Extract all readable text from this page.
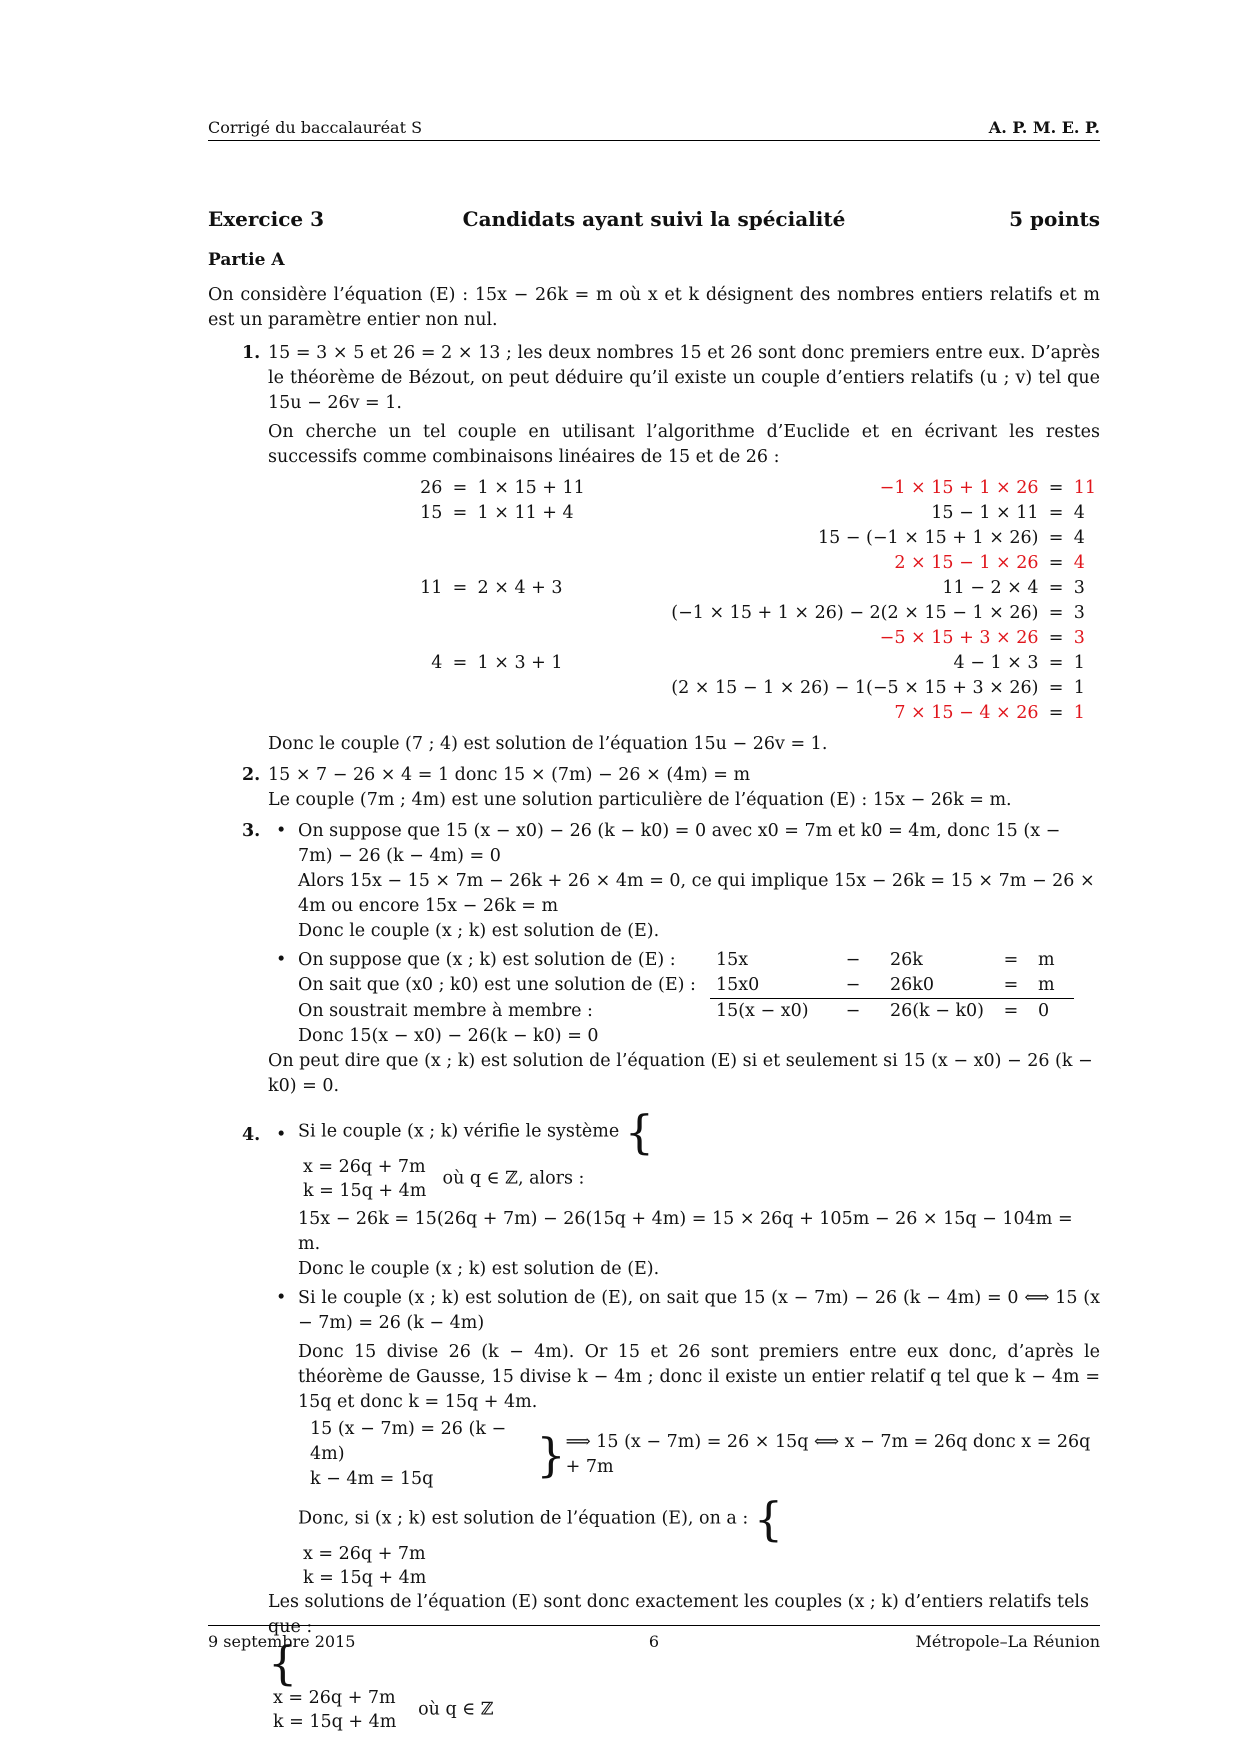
Corrigé du baccalauréat S	A. P. M. E. P.
Exercice 3	Candidats ayant suivi la spécialité	5 points

Partie A

On considère l’équation (E) : 15x − 26k = m où x et k désignent des nombres entiers relatifs et m est un paramètre entier non nul.

1. 15 = 3 × 5 et 26 = 2 × 13 ; les deux nombres 15 et 26 sont donc premiers entre eux. D’après le théorème de Bézout, on peut déduire qu’il existe un couple d’entiers relatifs (u ; v) tel que 15u − 26v = 1.

On cherche un tel couple en utilisant l’algorithme d’Euclide et en écrivant les restes successifs comme combinaisons linéaires de 15 et de 26 :

26	=	1 × 15 + 11	−1 × 15 + 1 × 26	=	11
15	=	1 × 11 + 4	15 − 1 × 11	=	4
			15 − (−1 × 15 + 1 × 26)	=	4
			2 × 15 − 1 × 26	=	4
11	=	2 × 4 + 3	11 − 2 × 4	=	3
			(−1 × 15 + 1 × 26) − 2(2 × 15 − 1 × 26)	=	3
			−5 × 15 + 3 × 26	=	3
4	=	1 × 3 + 1	4 − 1 × 3	=	1
			(2 × 15 − 1 × 26) − 1(−5 × 15 + 3 × 26)	=	1
			7 × 15 − 4 × 26	=	1

Donc le couple (7 ; 4) est solution de l’équation 15u − 26v = 1.

2. 15 × 7 − 26 × 4 = 1 donc 15 × (7m) − 26 × (4m) = m

Le couple (7m ; 4m) est une solution particulière de l’équation (E) : 15x − 26k = m.

3. • On suppose que 15 (x − x0) − 26 (k − k0) = 0 avec x0 = 7m et k0 = 4m, donc 15 (x − 7m) − 26 (k − 4m) = 0

Alors 15x − 15 × 7m − 26k + 26 × 4m = 0, ce qui implique 15x − 26k = 15 × 7m − 26 × 4m ou encore 15x − 26k = m

Donc le couple (x ; k) est solution de (E).

• On suppose que (x ; k) est solution de (E) :	15x	−	26k	=	m
On sait que (x0 ; k0) est une solution de (E) :	15x0	−	26k0	=	m
On soustrait membre à membre :	15(x − x0)	−	26(k − k0)	=	0

Donc 15(x − x0) − 26(k − k0) = 0

On peut dire que (x ; k) est solution de l’équation (E) si et seulement si 15 (x − x0) − 26 (k − k0) = 0.

4. • Si le couple (x ; k) vérifie le système {

x = 26q + 7m
k = 15q + 4m  où q ∈ ℤ, alors :

15x − 26k = 15(26q + 7m) − 26(15q + 4m) = 15 × 26q + 105m − 26 × 15q − 104m = m.

Donc le couple (x ; k) est solution de (E).

• Si le couple (x ; k) est solution de (E), on sait que 15 (x − 7m) − 26 (k − 4m) = 0 ⟺ 15 (x − 7m) = 26 (k − 4m)

Donc 15 divise 26 (k − 4m). Or 15 et 26 sont premiers entre eux donc, d’après le théorème de Gausse, 15 divise k − 4m ; donc il existe un entier relatif q tel que k − 4m = 15q et donc k = 15q + 4m.

15 (x − 7m) = 26 (k − 4m)
k − 4m = 15q	} ⟹ 15 (x − 7m) = 26 × 15q ⟺ x − 7m = 26q donc x = 26q + 7m

Donc, si (x ; k) est solution de l’équation (E), on a : {

x = 26q + 7m
k = 15q + 4m

Les solutions de l’équation (E) sont donc exactement les couples (x ; k) d’entiers relatifs tels que :

{

x = 26q + 7m
k = 15q + 4m   où q ∈ ℤ

9 septembre 2015	6	Métropole–La Réunion
